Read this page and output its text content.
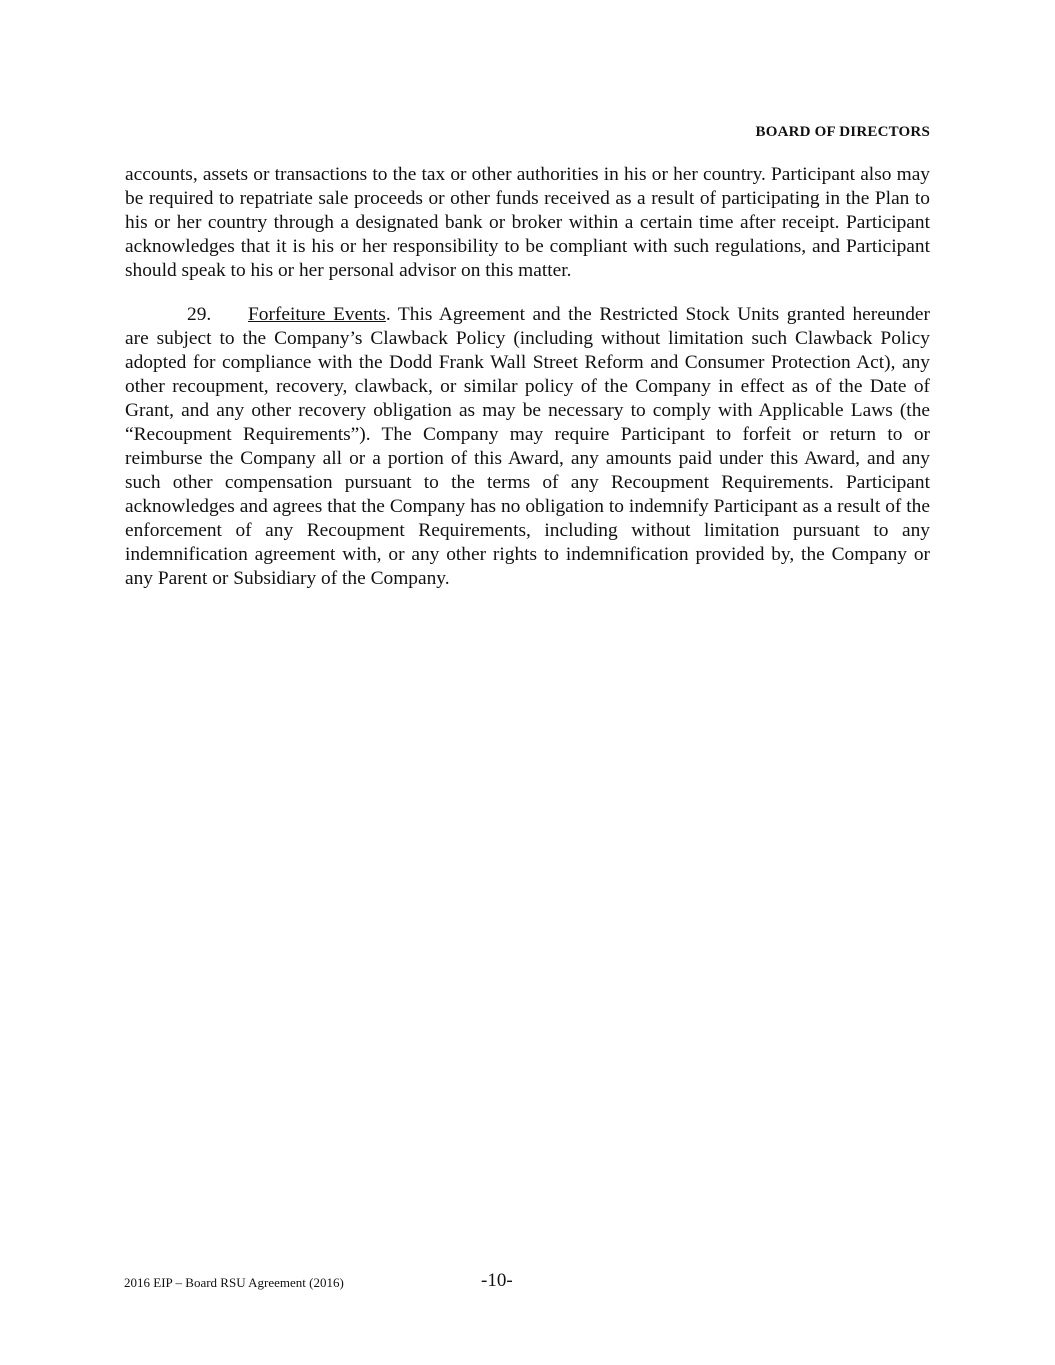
BOARD OF DIRECTORS

accounts, assets or transactions to the tax or other authorities in his or her country. Participant also may be required to repatriate sale proceeds or other funds received as a result of participating in the Plan to his or her country through a designated bank or broker within a certain time after receipt. Participant acknowledges that it is his or her responsibility to be compliant with such regulations, and Participant should speak to his or her personal advisor on this matter.

29. Forfeiture Events. This Agreement and the Restricted Stock Units granted hereunder are subject to the Company’s Clawback Policy (including without limitation such Clawback Policy adopted for compliance with the Dodd Frank Wall Street Reform and Consumer Protection Act), any other recoupment, recovery, clawback, or similar policy of the Company in effect as of the Date of Grant, and any other recovery obligation as may be necessary to comply with Applicable Laws (the “Recoupment Requirements”). The Company may require Participant to forfeit or return to or reimburse the Company all or a portion of this Award, any amounts paid under this Award, and any such other compensation pursuant to the terms of any Recoupment Requirements. Participant acknowledges and agrees that the Company has no obligation to indemnify Participant as a result of the enforcement of any Recoupment Requirements, including without limitation pursuant to any indemnification agreement with, or any other rights to indemnification provided by, the Company or any Parent or Subsidiary of the Company.

2016 EIP – Board RSU Agreement (2016)	-10-
